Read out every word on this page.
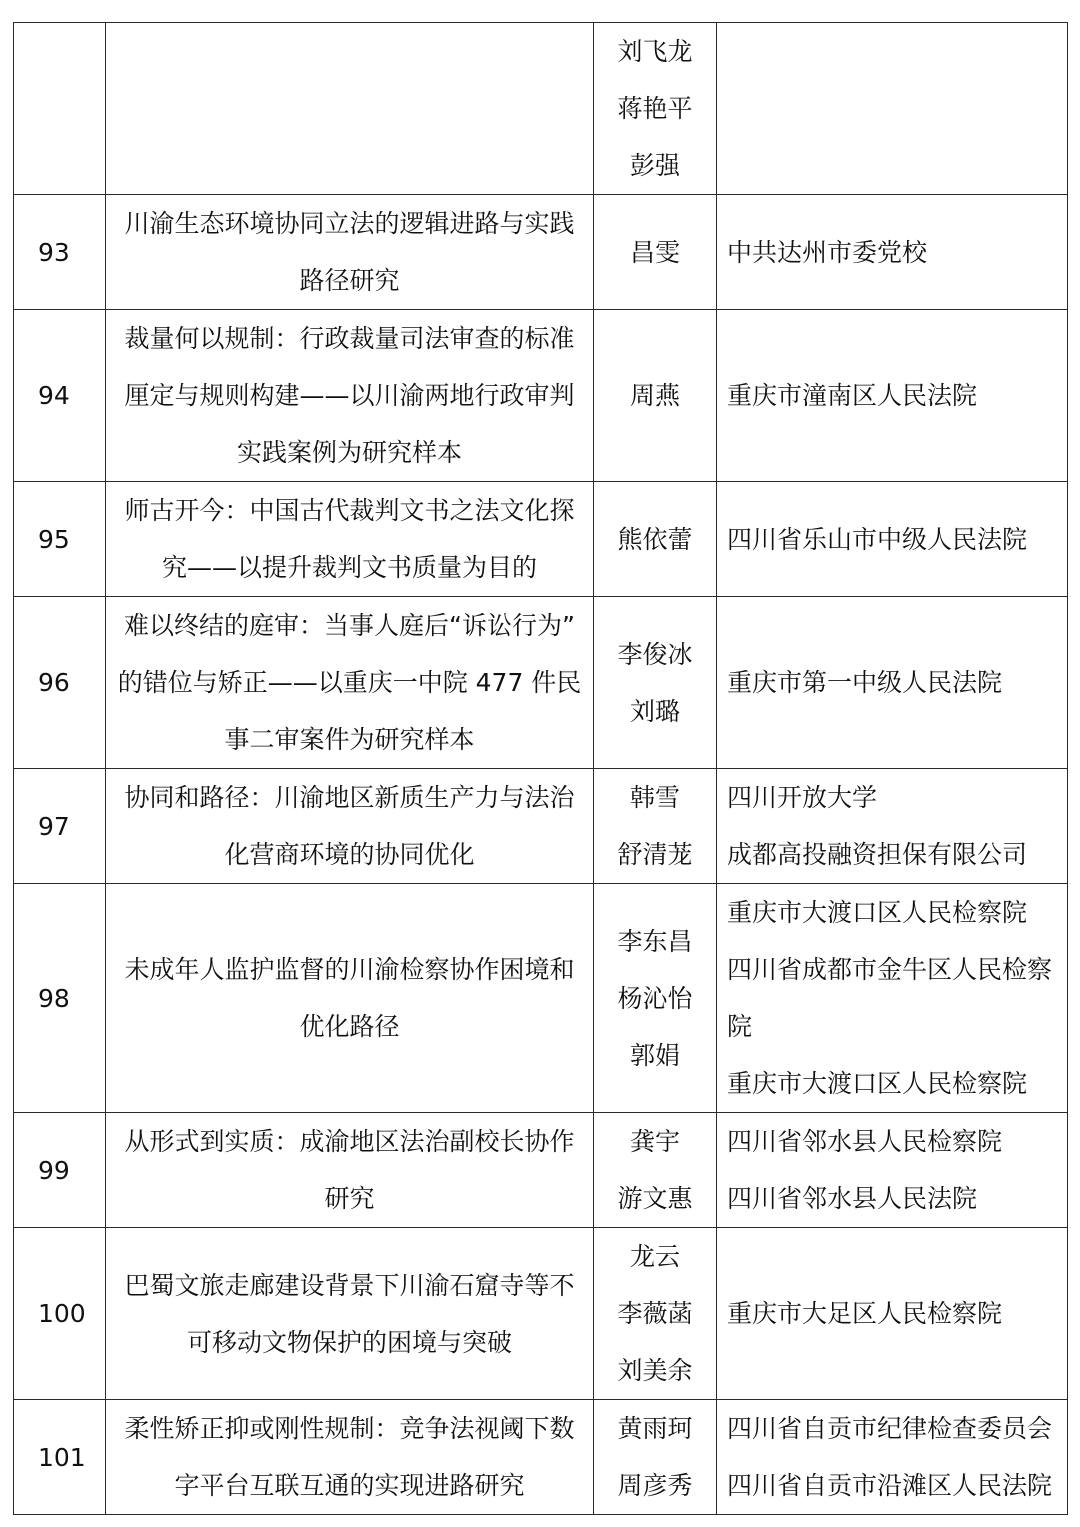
		刘飞龙
蒋艳平
彭强	

93	川渝生态环境协同立法的逻辑进路与实践
路径研究	昌雯	中共达州市委党校

94	裁量何以规制：行政裁量司法审查的标准
厘定与规则构建——以川渝两地行政审判
实践案例为研究样本	周燕	重庆市潼南区人民法院

95	师古开今：中国古代裁判文书之法文化探
究——以提升裁判文书质量为目的	熊依蕾	四川省乐山市中级人民法院

96	难以终结的庭审：当事人庭后“诉讼行为”
的错位与矫正——以重庆一中院 477 件民
事二审案件为研究样本	李俊冰
刘璐	重庆市第一中级人民法院

97	协同和路径：川渝地区新质生产力与法治
化营商环境的协同优化	韩雪
舒清茏	四川开放大学
成都高投融资担保有限公司

98	未成年人监护监督的川渝检察协作困境和
优化路径	李东昌
杨沁怡
郭娟	重庆市大渡口区人民检察院
四川省成都市金牛区人民检察
院
重庆市大渡口区人民检察院

99	从形式到实质：成渝地区法治副校长协作
研究	龚宇
游文惠	四川省邻水县人民检察院
四川省邻水县人民法院

100	巴蜀文旅走廊建设背景下川渝石窟寺等不
可移动文物保护的困境与突破	龙云
李薇菡
刘美余	重庆市大足区人民检察院

101	柔性矫正抑或刚性规制：竞争法视阈下数
字平台互联互通的实现进路研究	黄雨珂
周彦秀	四川省自贡市纪律检查委员会
四川省自贡市沿滩区人民法院
